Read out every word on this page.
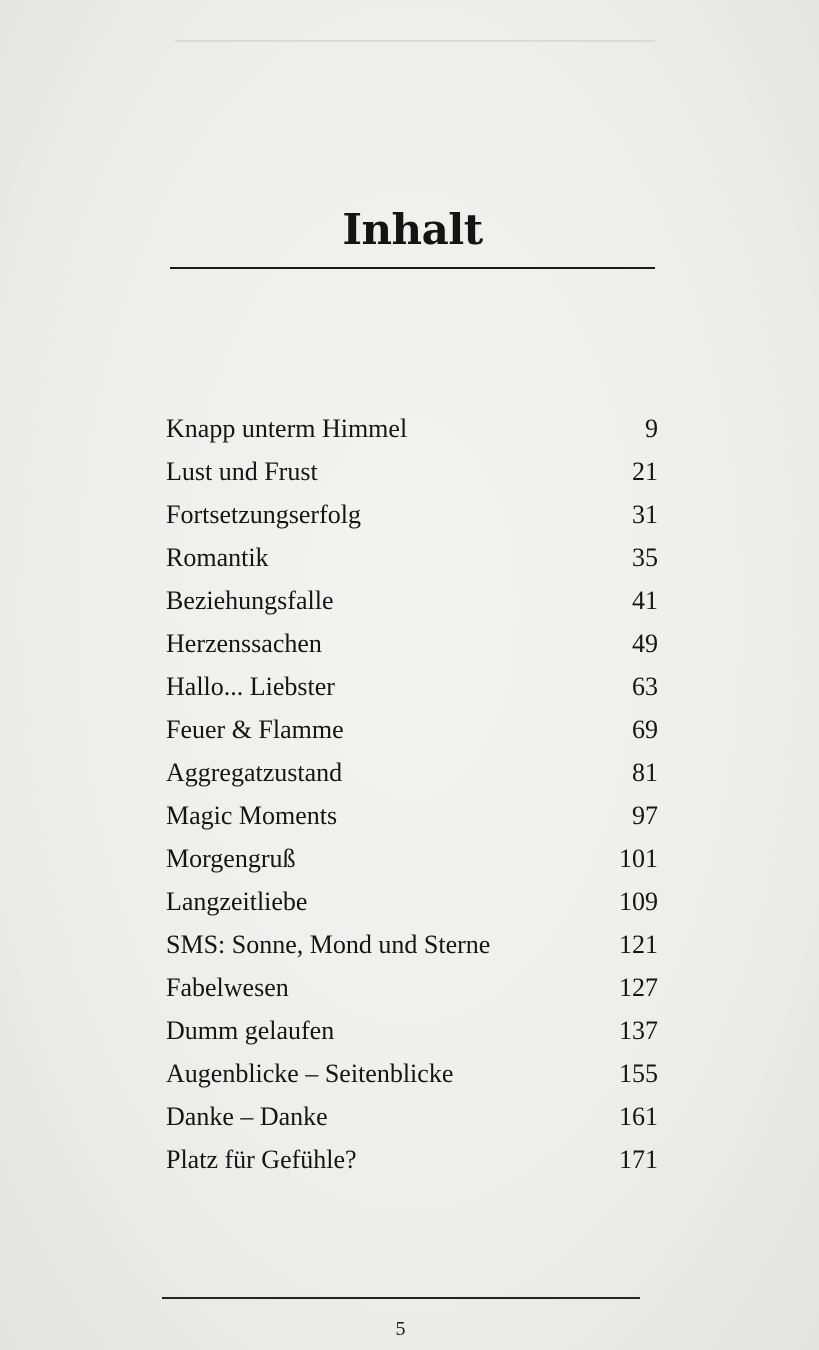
Inhalt
Knapp unterm Himmel	9
Lust und Frust	21
Fortsetzungserfolg	31
Romantik	35
Beziehungsfalle	41
Herzenssachen	49
Hallo... Liebster	63
Feuer & Flamme	69
Aggregatzustand	81
Magic Moments	97
Morgengruß	101
Langzeitliebe	109
SMS: Sonne, Mond und Sterne	121
Fabelwesen	127
Dumm gelaufen	137
Augenblicke – Seitenblicke	155
Danke – Danke	161
Platz für Gefühle?	171
5
